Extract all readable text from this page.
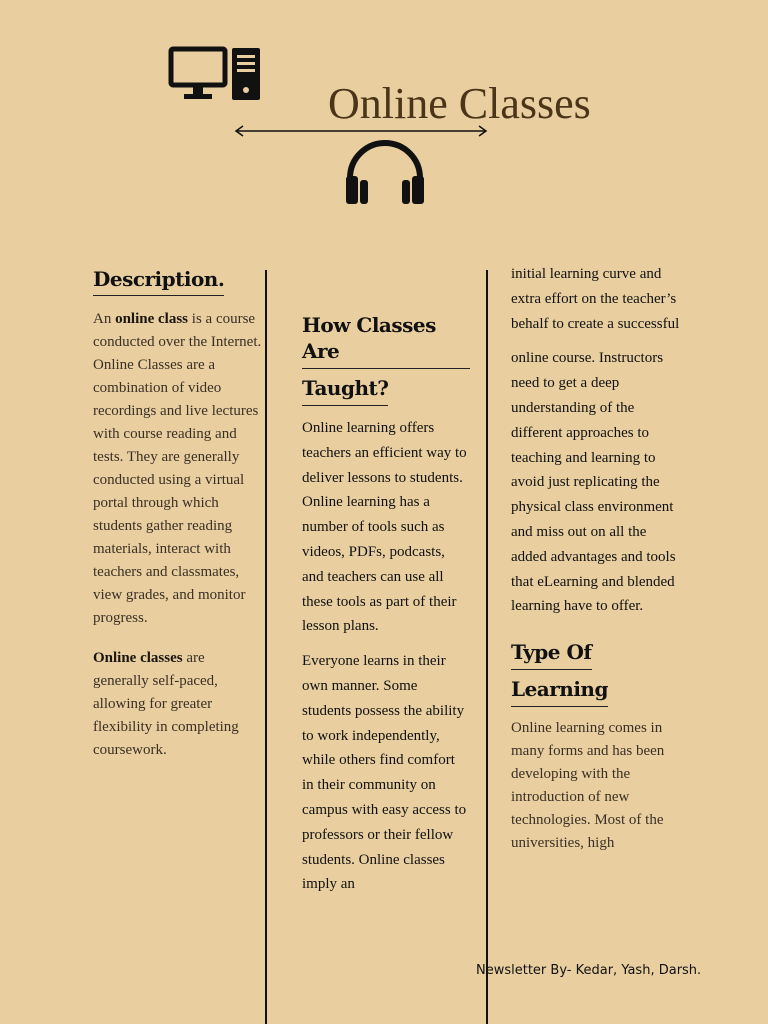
Online Classes
Description.

An online class is a course conducted over the Internet.

Online Classes are a combination of video recordings and live lectures with course reading and tests. They are generally conducted using a virtual portal through which students gather reading materials, interact with teachers and classmates, view grades, and monitor progress.

Online classes are generally self-paced, allowing for greater flexibility in completing coursework.

How Classes Are
Taught?

Online learning offers teachers an efficient way to deliver lessons to students. Online learning has a number of tools such as videos, PDFs, podcasts, and teachers can use all these tools as part of their lesson plans.

Everyone learns in their own manner. Some students possess the ability to work independently, while others find comfort in their community on campus with easy access to professors or their fellow students. Online classes imply an

initial learning curve and extra effort on the teacher’s behalf to create a successful

online course. Instructors need to get a deep understanding of the different approaches to teaching and learning to avoid just replicating the physical class environment and miss out on all the added advantages and tools that eLearning and blended learning have to offer.

Type Of
Learning

Online learning comes in many forms and has been developing with the introduction of new technologies. Most of the universities, high

Newsletter By- Kedar, Yash, Darsh.
